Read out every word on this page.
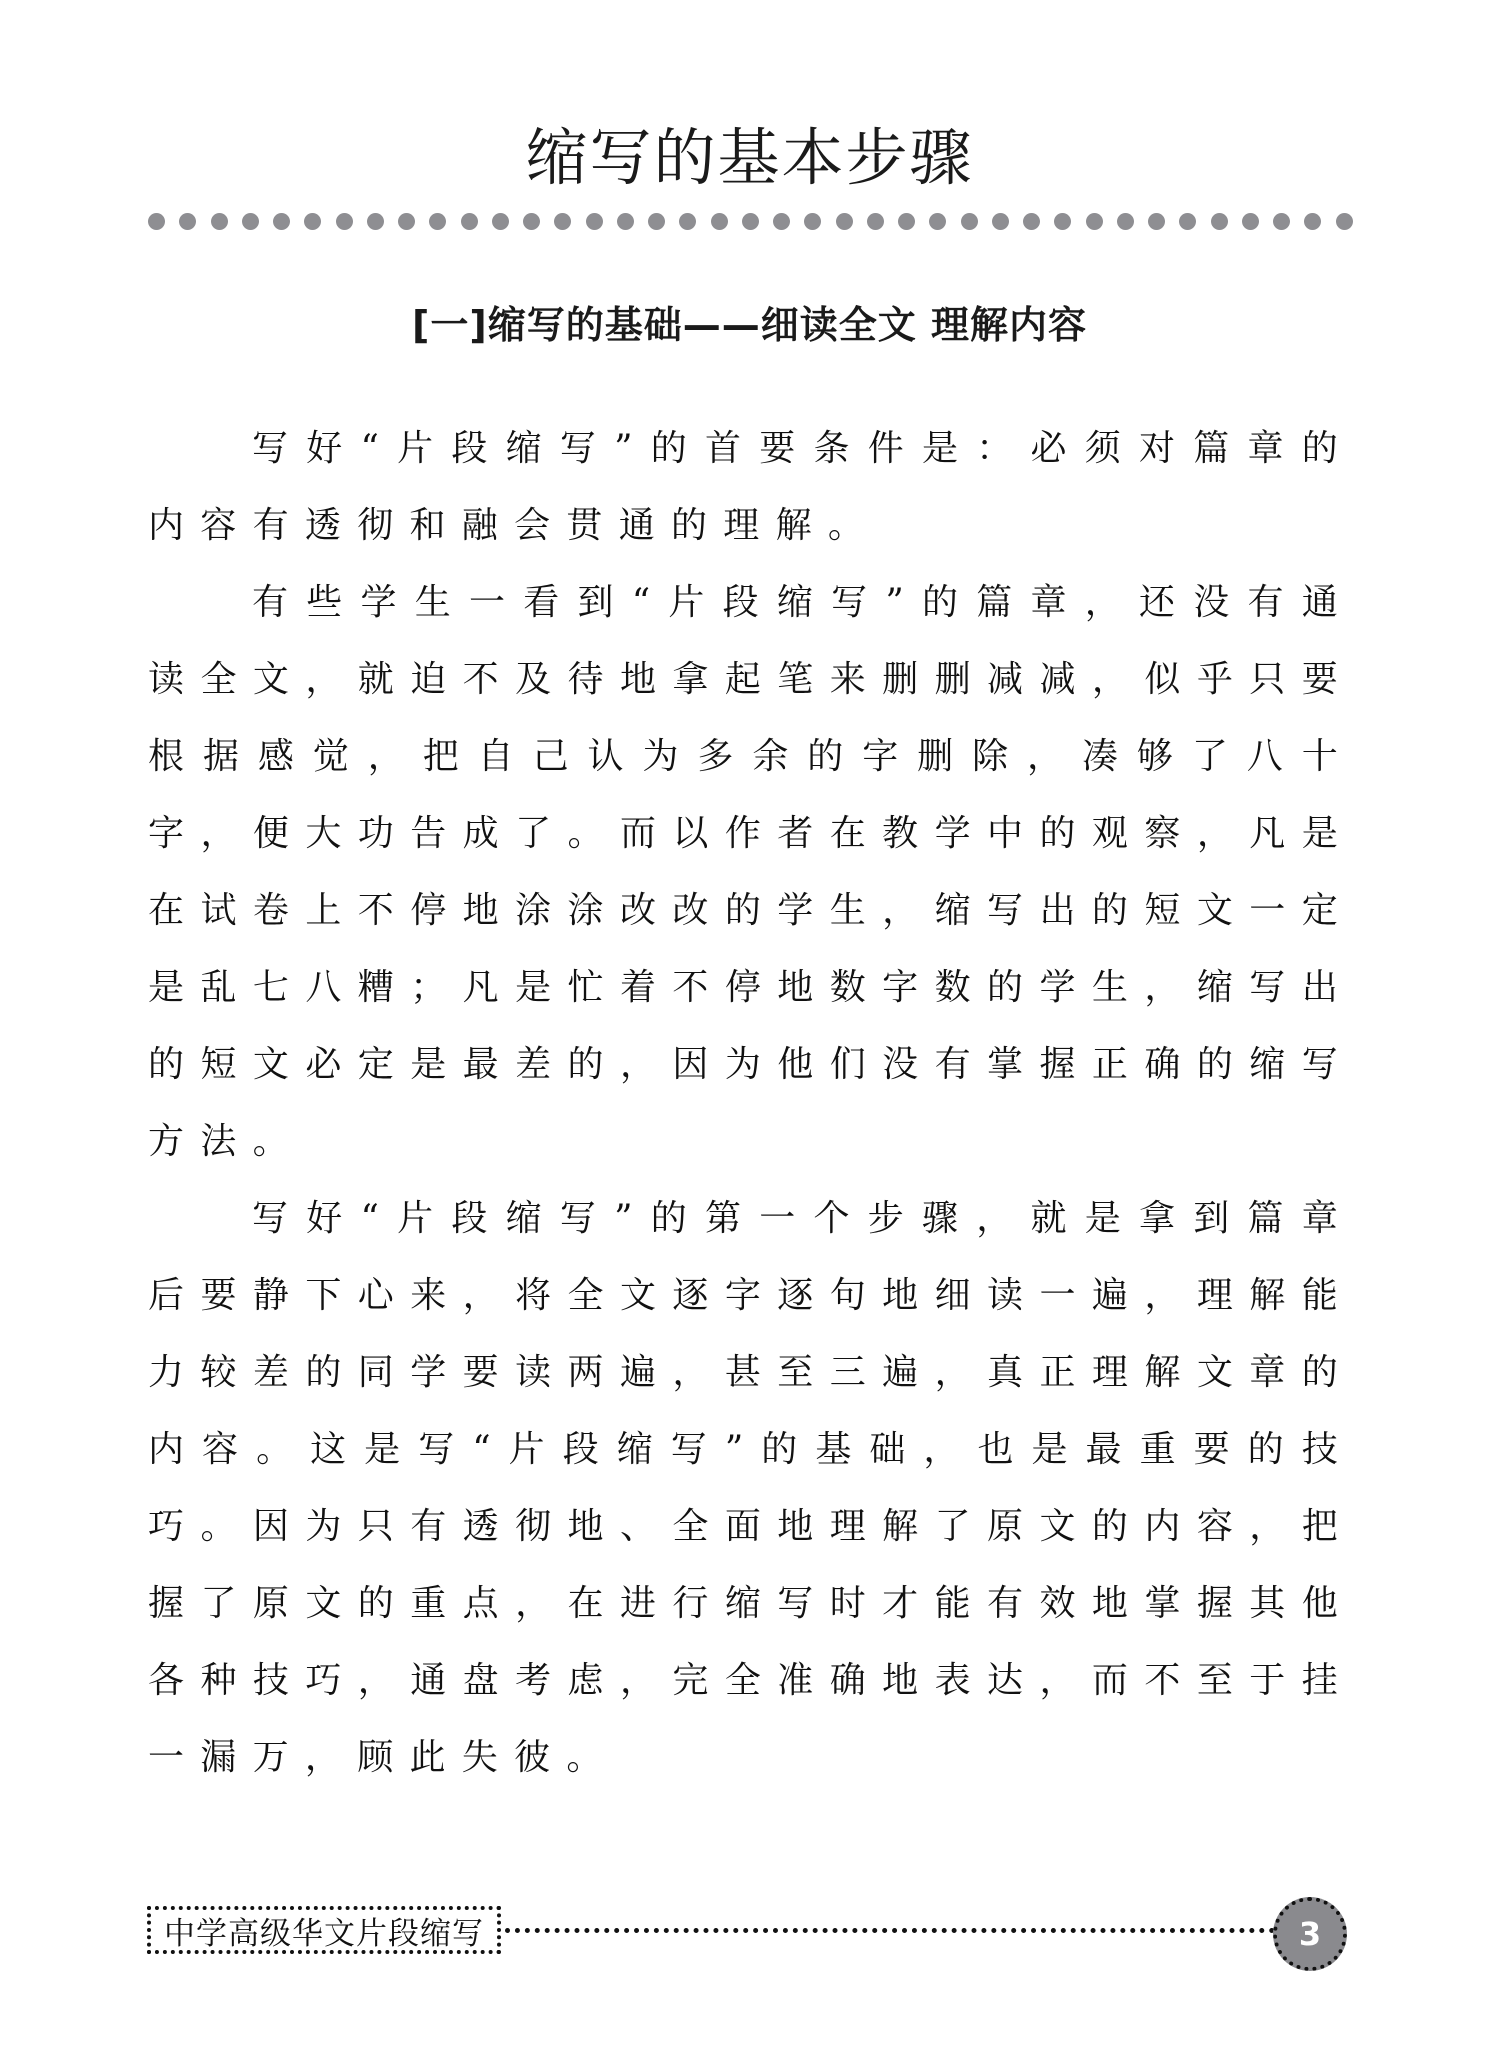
缩写的基本步骤
[一]缩写的基础——细读全文 理解内容

写好“片段缩写”的首要条件是：必须对篇章的内容有透彻和融会贯通的理解。

有些学生一看到“片段缩写”的篇章，还没有通读全文，就迫不及待地拿起笔来删删减减，似乎只要根据感觉，把自己认为多余的字删除，凑够了八十字，便大功告成了。而以作者在教学中的观察，凡是在试卷上不停地涂涂改改的学生，缩写出的短文一定是乱七八糟；凡是忙着不停地数字数的学生，缩写出的短文必定是最差的，因为他们没有掌握正确的缩写方法。

写好“片段缩写”的第一个步骤，就是拿到篇章后要静下心来，将全文逐字逐句地细读一遍，理解能力较差的同学要读两遍，甚至三遍，真正理解文章的内容。这是写“片段缩写”的基础，也是最重要的技巧。因为只有透彻地、全面地理解了原文的内容，把握了原文的重点，在进行缩写时才能有效地掌握其他各种技巧，通盘考虑，完全准确地表达，而不至于挂一漏万，顾此失彼。

中学高级华文片段缩写	3
